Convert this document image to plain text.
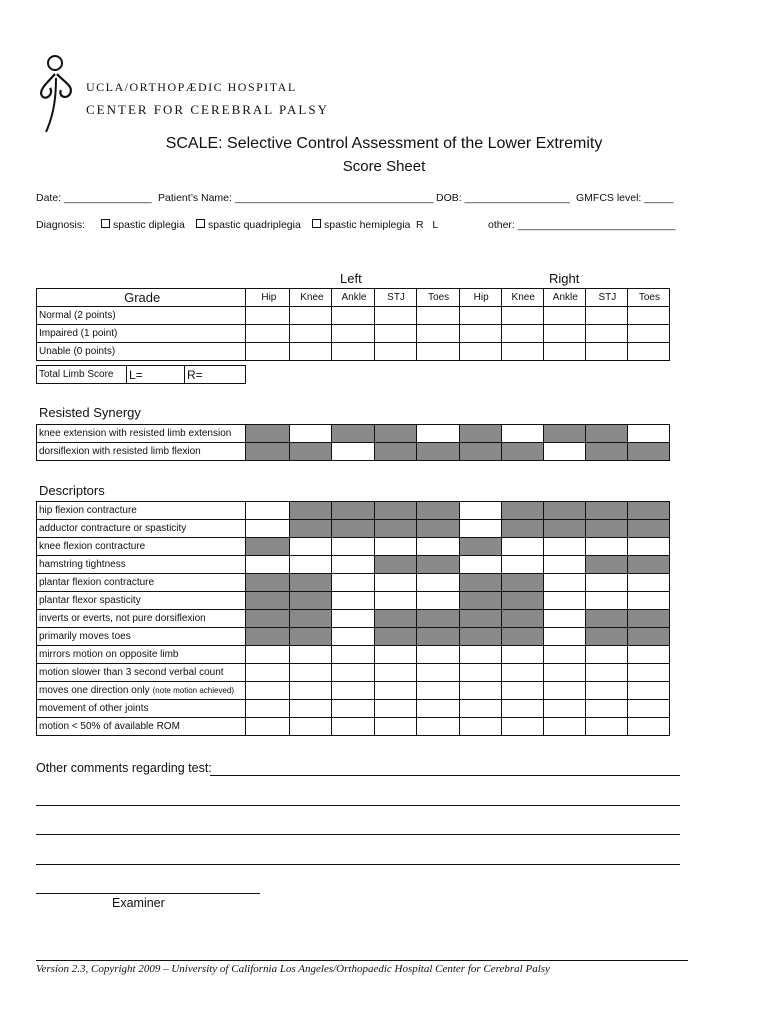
UCLA/ORTHOPÆDIC HOSPITAL
CENTER FOR CEREBRAL PALSY
SCALE: Selective Control Assessment of the Lower Extremity
Score Sheet
Date: _______________ Patient’s Name: __________________________________ DOB: __________________ GMFCS level: _____
Diagnosis:	spastic diplegia	spastic quadriplegia	spastic hemiplegia R   L	other: ___________________________
Left	Right
Grade	Hip	Knee	Ankle	STJ	Toes	Hip	Knee	Ankle	STJ	Toes
Normal (2 points)										
Impaired (1 point)										
Unable (0 points)										
Total Limb Score	L=	R=
Resisted Synergy
knee extension with resisted limb extension										
dorsiflexion with resisted limb flexion										
Descriptors
hip flexion contracture										
adductor contracture or spasticity										
knee flexion contracture										
hamstring tightness										
plantar flexion contracture										
plantar flexor spasticity										
inverts or everts, not pure dorsiflexion										
primarily moves toes										
mirrors motion on opposite limb										
motion slower than 3 second verbal count										
moves one direction only (note motion achieved)										
movement of other joints										
motion < 50% of available ROM										
Other comments regarding test:
Examiner
Version 2.3, Copyright 2009 – University of California Los Angeles/Orthopaedic Hospital Center for Cerebral Palsy
